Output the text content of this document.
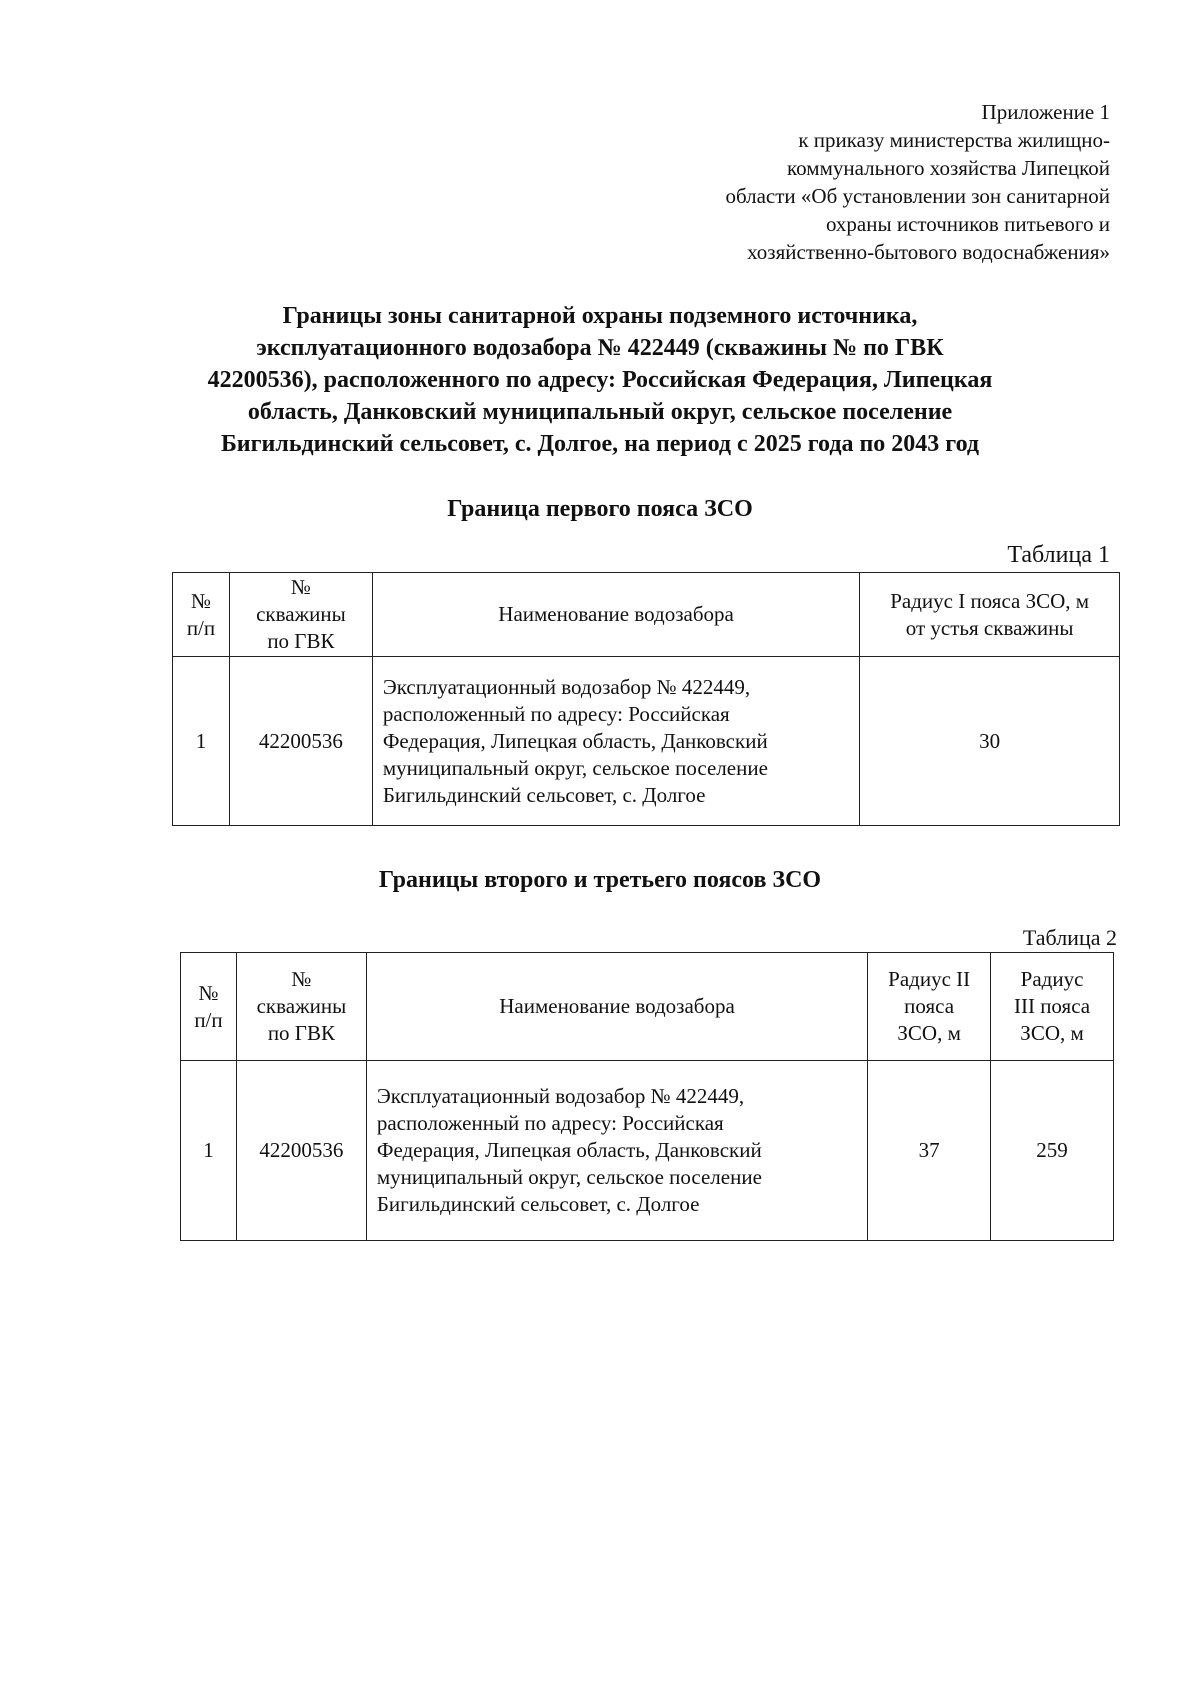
Приложение 1
к приказу министерства жилищно-
коммунального хозяйства Липецкой
области «Об установлении зон санитарной
охраны источников питьевого и
хозяйственно-бытового водоснабжения»
Границы зоны санитарной охраны подземного источника,
эксплуатационного водозабора № 422449 (скважины № по ГВК
42200536), расположенного по адресу: Российская Федерация, Липецкая
область, Данковский муниципальный округ, сельское поселение
Бигильдинский сельсовет, с. Долгое, на период с 2025 года по 2043 год
Граница первого пояса ЗСО
Таблица 1
№
п/п	№
скважины
по ГВК	Наименование водозабора	Радиус I пояса ЗСО, м
от устья скважины

1	42200536	Эксплуатационный водозабор № 422449,
расположенный по адресу: Российская
Федерация, Липецкая область, Данковский
муниципальный округ, сельское поселение
Бигильдинский сельсовет, с. Долгое	30
Границы второго и третьего поясов ЗСО
Таблица 2
№
п/п	№
скважины
по ГВК	Наименование водозабора	Радиус II
пояса
ЗСО, м	Радиус
III пояса
ЗСО, м

1	42200536	Эксплуатационный водозабор № 422449,
расположенный по адресу: Российская
Федерация, Липецкая область, Данковский
муниципальный округ, сельское поселение
Бигильдинский сельсовет, с. Долгое	37	259
